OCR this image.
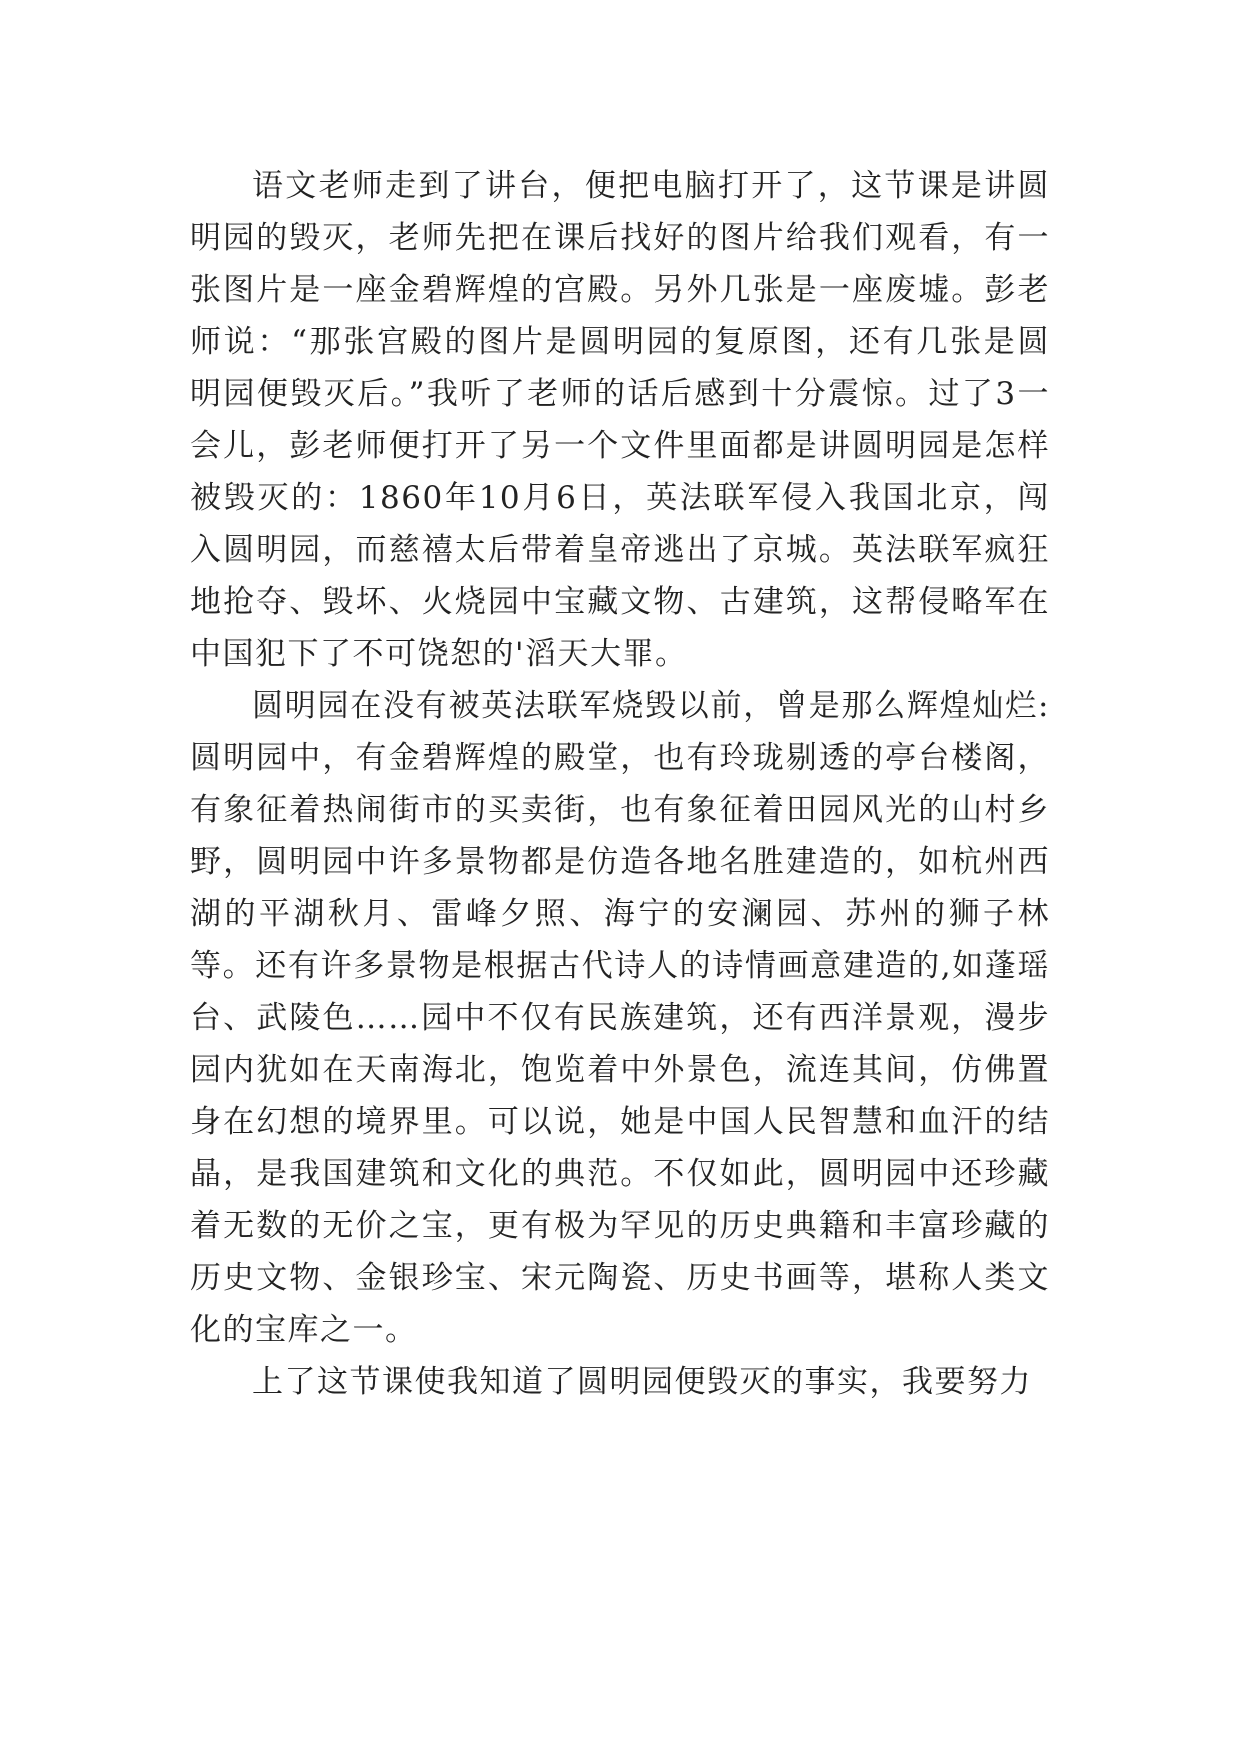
语文老师走到了讲台，便把电脑打开了，这节课是讲圆明园的毁灭，老师先把在课后找好的图片给我们观看，有一张图片是一座金碧辉煌的宫殿。另外几张是一座废墟。彭老师说：“那张宫殿的图片是圆明园的复原图，还有几张是圆明园便毁灭后。”我听了老师的话后感到十分震惊。过了3一会儿，彭老师便打开了另一个文件里面都是讲圆明园是怎样被毁灭的：1860年10月6日，英法联军侵入我国北京，闯入圆明园，而慈禧太后带着皇帝逃出了京城。英法联军疯狂地抢夺、毁坏、火烧园中宝藏文物、古建筑，这帮侵略军在中国犯下了不可饶恕的'滔天大罪。

圆明园在没有被英法联军烧毁以前，曾是那么辉煌灿烂:圆明园中，有金碧辉煌的殿堂，也有玲珑剔透的亭台楼阁，有象征着热闹街市的买卖街，也有象征着田园风光的山村乡野，圆明园中许多景物都是仿造各地名胜建造的，如杭州西湖的平湖秋月、雷峰夕照、海宁的安澜园、苏州的狮子林等。还有许多景物是根据古代诗人的诗情画意建造的,如蓬瑶台、武陵色……园中不仅有民族建筑，还有西洋景观，漫步园内犹如在天南海北，饱览着中外景色，流连其间，仿佛置身在幻想的境界里。可以说，她是中国人民智慧和血汗的结晶，是我国建筑和文化的典范。不仅如此，圆明园中还珍藏着无数的无价之宝，更有极为罕见的历史典籍和丰富珍藏的历史文物、金银珍宝、宋元陶瓷、历史书画等，堪称人类文化的宝库之一。

上了这节课使我知道了圆明园便毁灭的事实，我要努力
